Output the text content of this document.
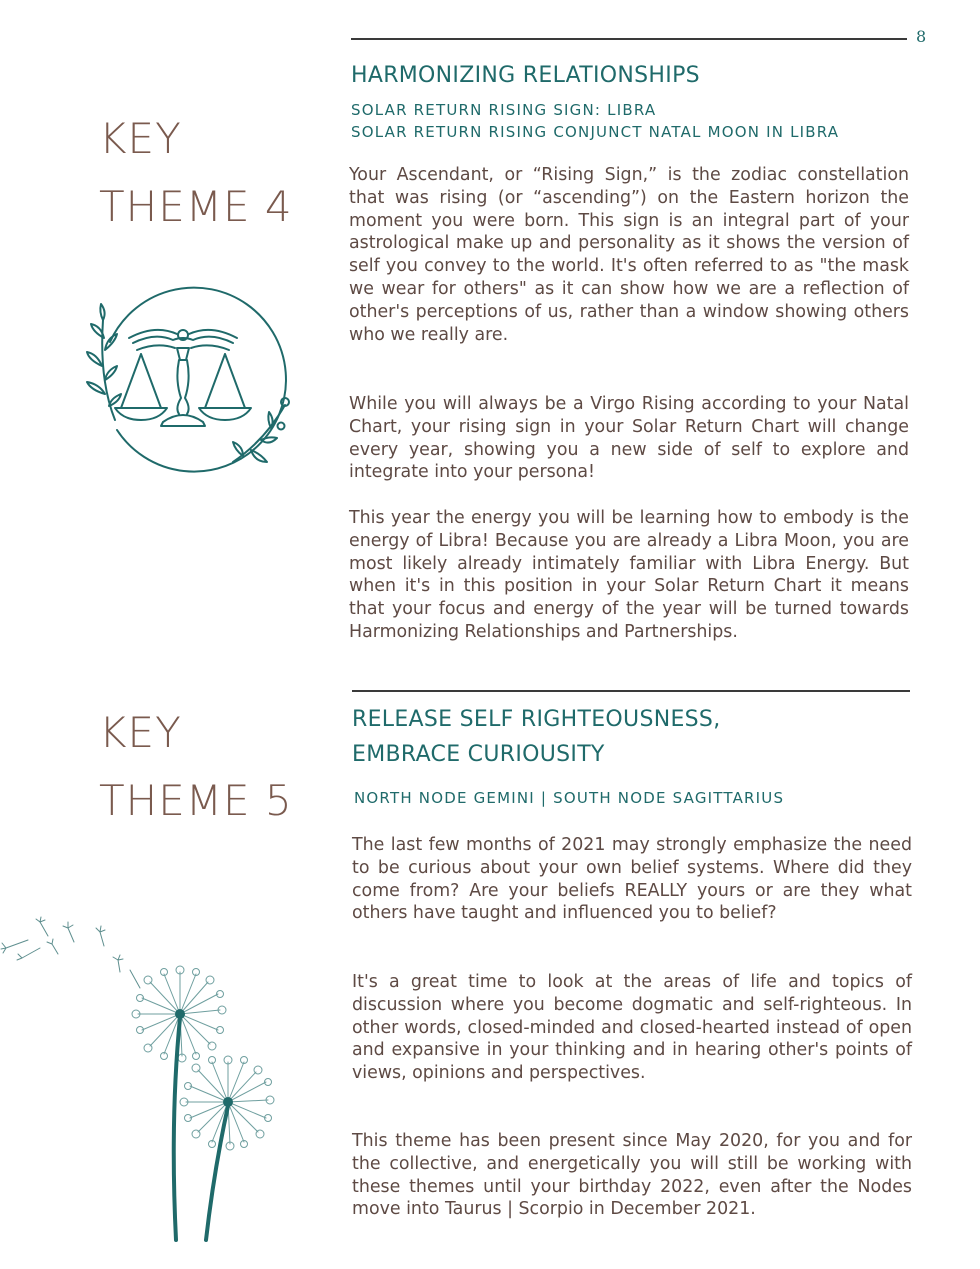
8
KEY
THEME 4
HARMONIZING RELATIONSHIPS
SOLAR RETURN RISING SIGN: LIBRA
SOLAR RETURN RISING CONJUNCT NATAL MOON IN LIBRA

Your Ascendant, or “Rising Sign,” is the zodiac constellation that was rising (or “ascending”) on the Eastern horizon the moment you were born. This sign is an integral part of your astrological make up and personality as it shows the version of self you convey to the world. It's often referred to as "the mask we wear for others" as it can show how we are a reflection of other's perceptions of us, rather than a window showing others who we really are.

While you will always be a Virgo Rising according to your Natal Chart, your rising sign in your Solar Return Chart will change every year, showing you a new side of self to explore and integrate into your persona!

This year the energy you will be learning how to embody is the energy of Libra! Because you are already a Libra Moon, you are most likely already intimately familiar with Libra Energy. But when it's in this position in your Solar Return Chart it means that your focus and energy of the year will be turned towards Harmonizing Relationships and Partnerships.

KEY
THEME 5
RELEASE SELF RIGHTEOUSNESS,
EMBRACE CURIOUSITY
NORTH NODE GEMINI | SOUTH NODE SAGITTARIUS

The last few months of 2021 may strongly emphasize the need to be curious about your own belief systems. Where did they come from? Are your beliefs REALLY yours or are they what others have taught and influenced you to belief?

It's a great time to look at the areas of life and topics of discussion where you become dogmatic and self-righteous. In other words, closed-minded and closed-hearted instead of open and expansive in your thinking and in hearing other's points of views, opinions and perspectives.

This theme has been present since May 2020, for you and for the collective, and energetically you will still be working with these themes until your birthday 2022, even after the Nodes move into Taurus | Scorpio in December 2021.
